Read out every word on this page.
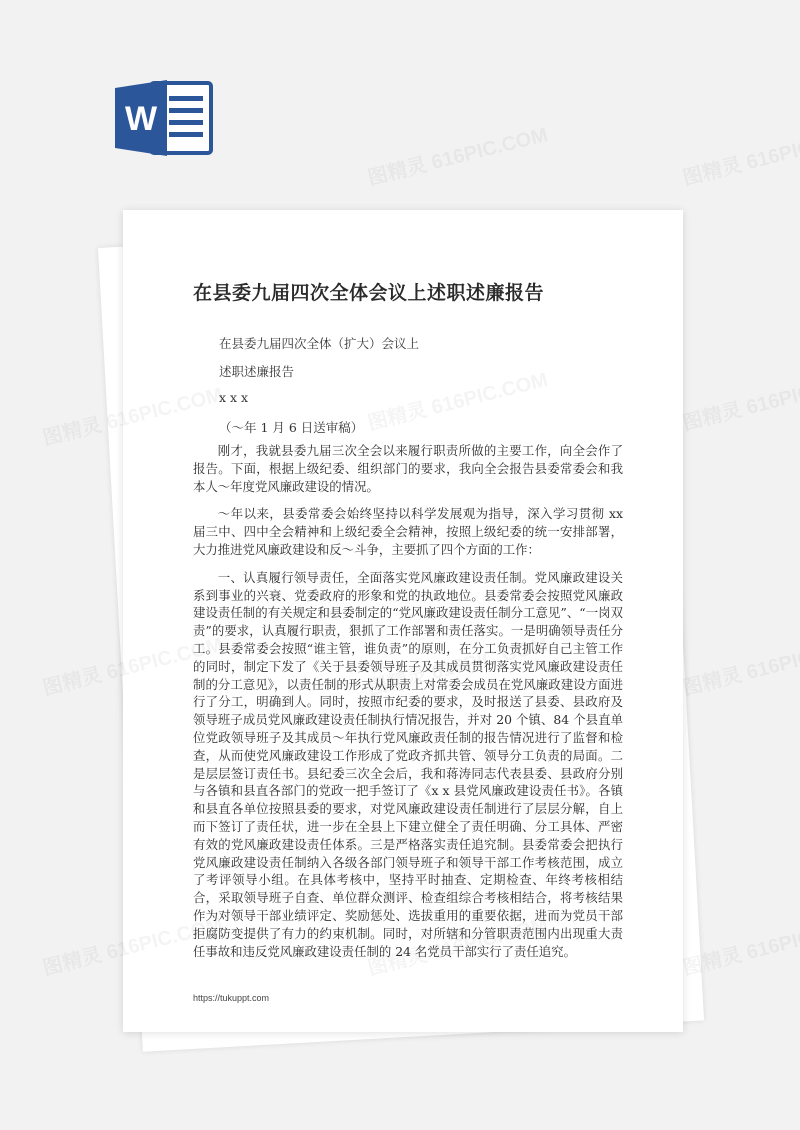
W
在县委九届四次全体会议上述职述廉报告
在县委九届四次全体（扩大）会议上
述职述廉报告
x x x
（～年 1 月 6 日送审稿）

刚才，我就县委九届三次全会以来履行职责所做的主要工作，向全会作了报告。下面，根据上级纪委、组织部门的要求，我向全会报告县委常委会和我本人～年度党风廉政建设的情况。

～年以来，县委常委会始终坚持以科学发展观为指导，深入学习贯彻 xx 届三中、四中全会精神和上级纪委全会精神，按照上级纪委的统一安排部署，大力推进党风廉政建设和反～斗争，主要抓了四个方面的工作：

一、认真履行领导责任，全面落实党风廉政建设责任制。党风廉政建设关系到事业的兴衰、党委政府的形象和党的执政地位。县委常委会按照党风廉政建设责任制的有关规定和县委制定的“党风廉政建设责任制分工意见”、“一岗双责”的要求，认真履行职责，狠抓了工作部署和责任落实。一是明确领导责任分工。县委常委会按照“谁主管，谁负责”的原则，在分工负责抓好自己主管工作的同时，制定下发了《关于县委领导班子及其成员贯彻落实党风廉政建设责任制的分工意见》，以责任制的形式从职责上对常委会成员在党风廉政建设方面进行了分工，明确到人。同时，按照市纪委的要求，及时报送了县委、县政府及领导班子成员党风廉政建设责任制执行情况报告，并对 20 个镇、84 个县直单位党政领导班子及其成员～年执行党风廉政责任制的报告情况进行了监督和检查，从而使党风廉政建设工作形成了党政齐抓共管、领导分工负责的局面。二是层层签订责任书。县纪委三次全会后，我和蒋涛同志代表县委、县政府分别与各镇和县直各部门的党政一把手签订了《x x 县党风廉政建设责任书》。各镇和县直各单位按照县委的要求，对党风廉政建设责任制进行了层层分解，自上而下签订了责任状，进一步在全县上下建立健全了责任明确、分工具体、严密有效的党风廉政建设责任体系。三是严格落实责任追究制。县委常委会把执行党风廉政建设责任制纳入各级各部门领导班子和领导干部工作考核范围，成立了考评领导小组。在具体考核中，坚持平时抽查、定期检查、年终考核相结合，采取领导班子自查、单位群众测评、检查组综合考核相结合，将考核结果作为对领导干部业绩评定、奖励惩处、选拔重用的重要依据，进而为党员干部拒腐防变提供了有力的约束机制。同时，对所辖和分管职责范围内出现重大责任事故和违反党风廉政建设责任制的 24 名党员干部实行了责任追究。

https://tukuppt.com
